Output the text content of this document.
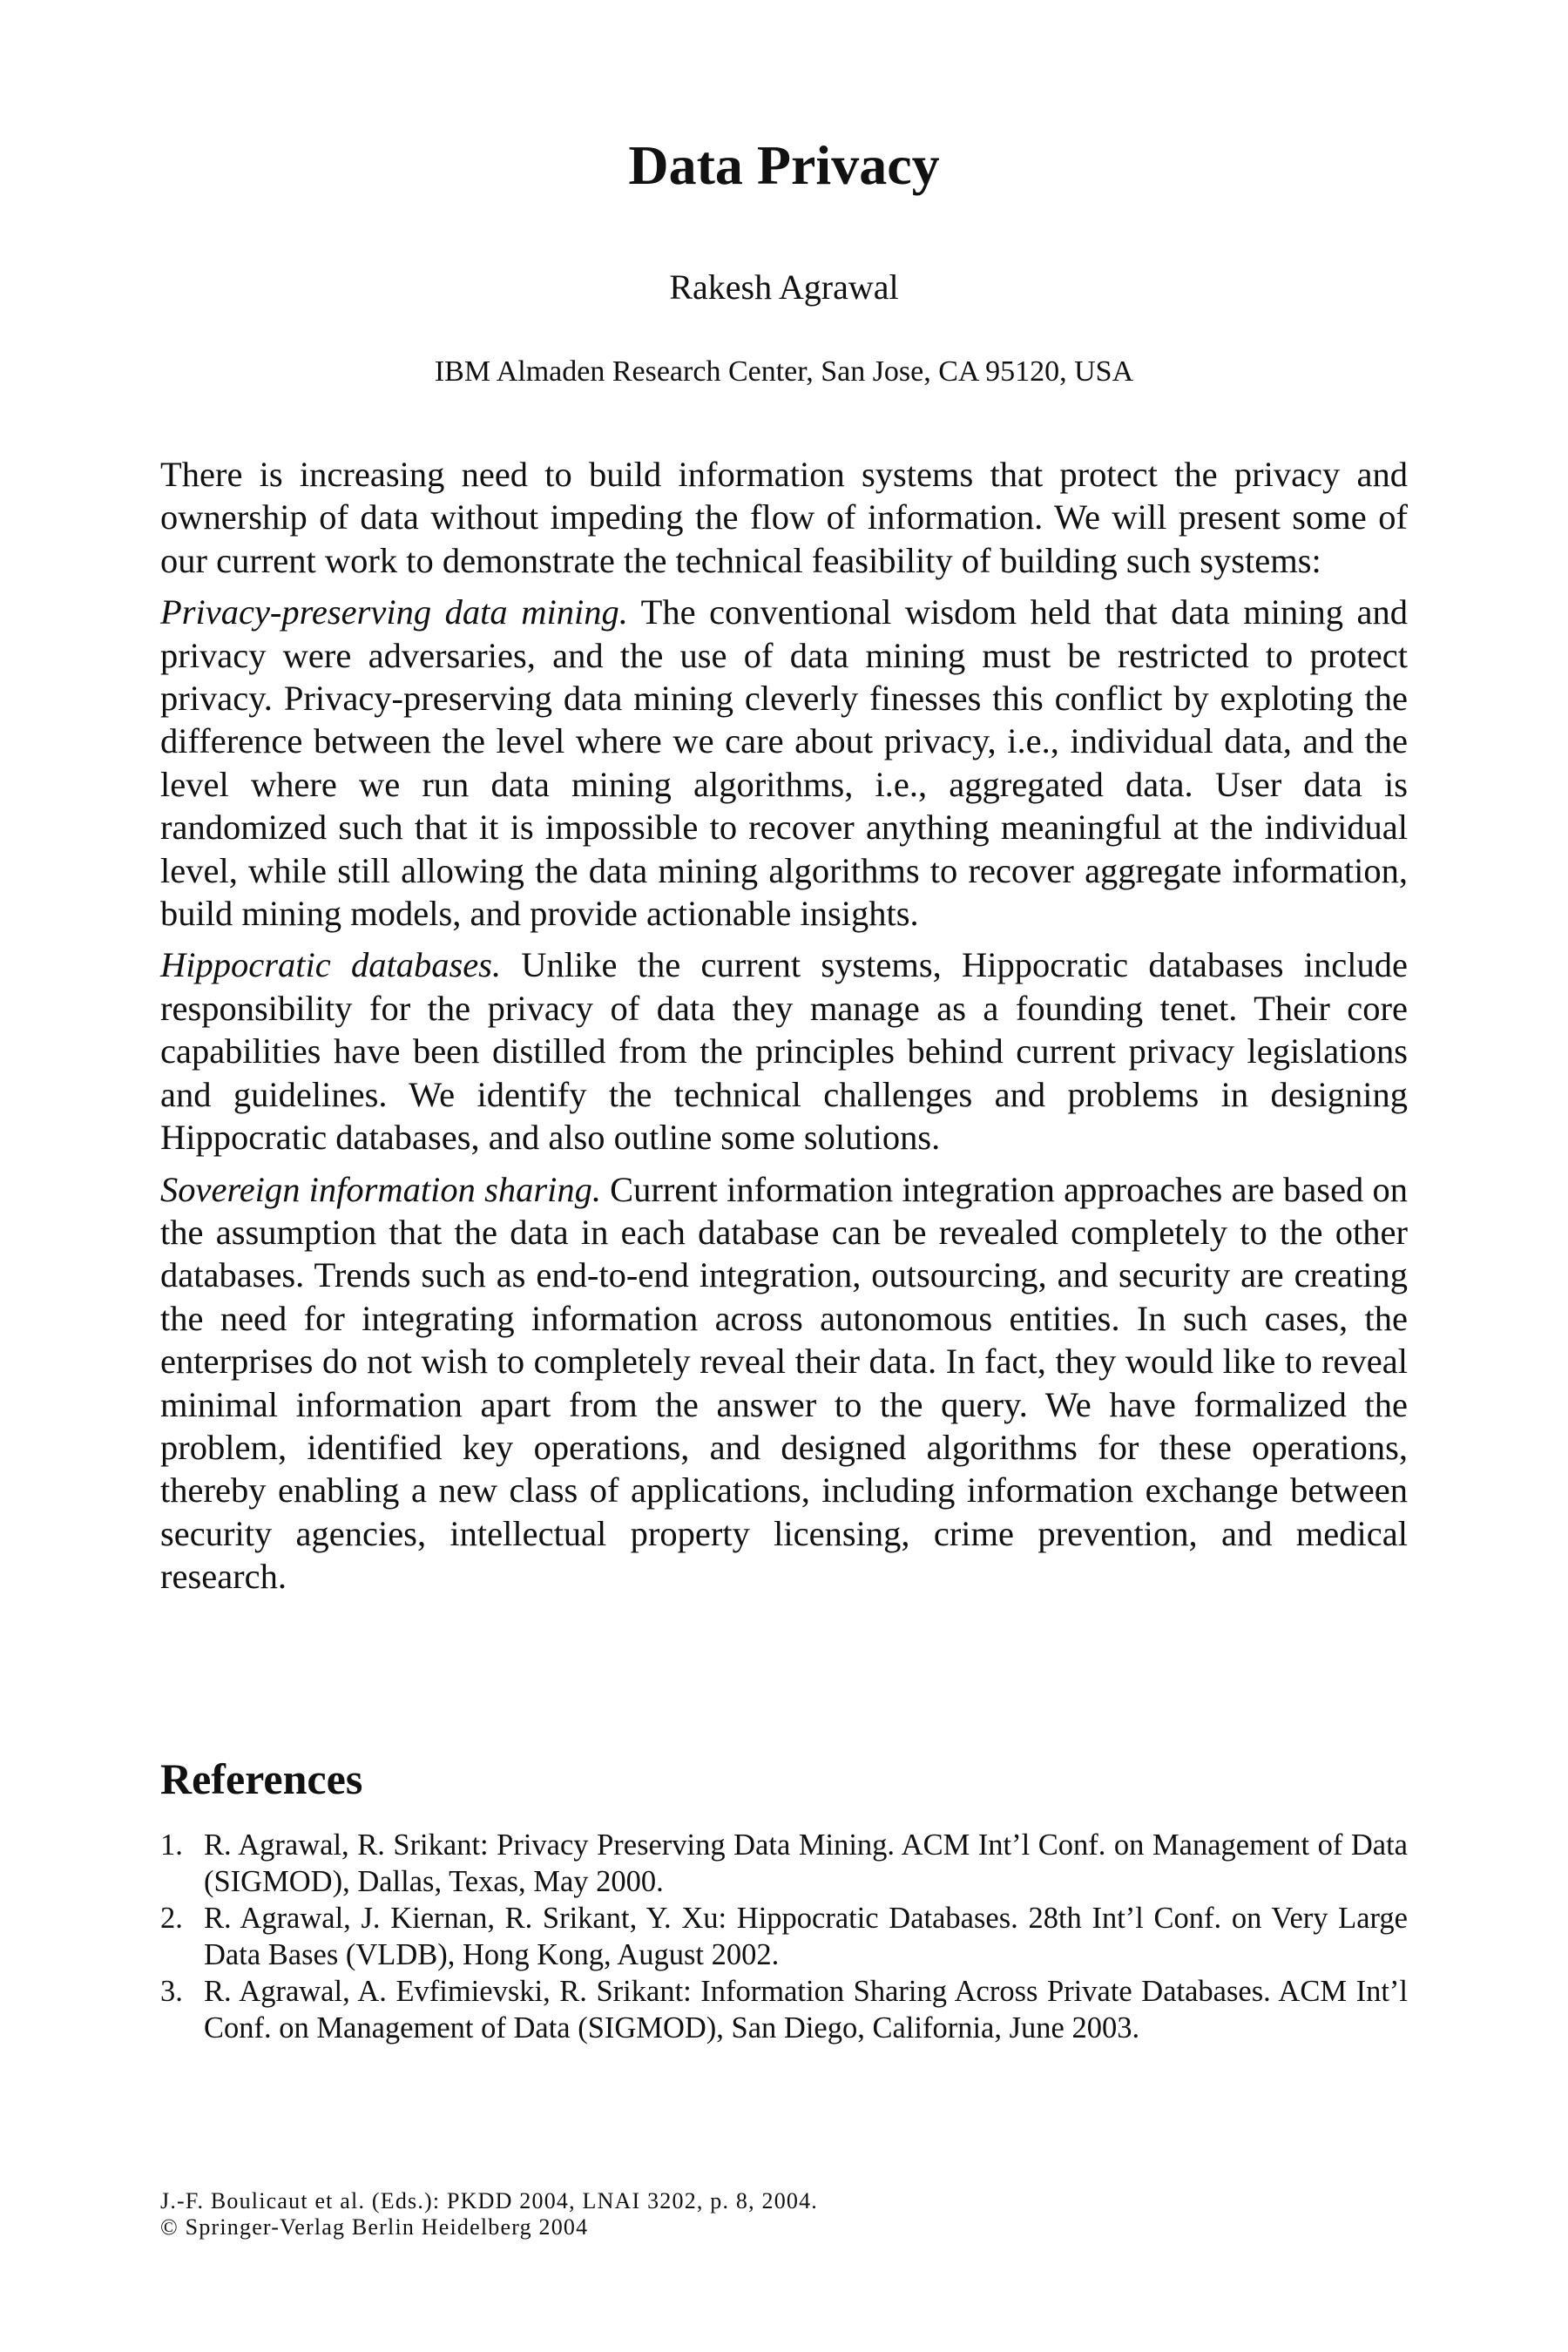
Data Privacy
Rakesh Agrawal
IBM Almaden Research Center, San Jose, CA 95120, USA

There is increasing need to build information systems that protect the privacy and ownership of data without impeding the flow of information. We will present some of our current work to demonstrate the technical feasibility of building such systems:

Privacy-preserving data mining. The conventional wisdom held that data mining and privacy were adversaries, and the use of data mining must be restricted to protect privacy. Privacy-preserving data mining cleverly finesses this conflict by exploting the difference between the level where we care about privacy, i.e., individual data, and the level where we run data mining algorithms, i.e., aggregated data. User data is randomized such that it is impossible to recover anything meaningful at the individual level, while still allowing the data mining algorithms to recover aggregate information, build mining models, and provide actionable insights.

Hippocratic databases. Unlike the current systems, Hippocratic databases include responsibility for the privacy of data they manage as a founding tenet. Their core capabilities have been distilled from the principles behind current privacy legislations and guidelines. We identify the technical challenges and problems in designing Hippocratic databases, and also outline some solutions.

Sovereign information sharing. Current information integration approaches are based on the assumption that the data in each database can be revealed completely to the other databases. Trends such as end-to-end integration, outsourcing, and security are creating the need for integrating information across autonomous entities. In such cases, the enterprises do not wish to completely reveal their data. In fact, they would like to reveal minimal information apart from the answer to the query. We have formalized the problem, identified key operations, and designed algorithms for these operations, thereby enabling a new class of applications, including information exchange between security agencies, intellectual property licensing, crime prevention, and medical research.

References
1. R. Agrawal, R. Srikant: Privacy Preserving Data Mining. ACM Int’l Conf. on Management of Data (SIGMOD), Dallas, Texas, May 2000.
2. R. Agrawal, J. Kiernan, R. Srikant, Y. Xu: Hippocratic Databases. 28th Int’l Conf. on Very Large Data Bases (VLDB), Hong Kong, August 2002.
3. R. Agrawal, A. Evfimievski, R. Srikant: Information Sharing Across Private Databases. ACM Int’l Conf. on Management of Data (SIGMOD), San Diego, California, June 2003.
J.-F. Boulicaut et al. (Eds.): PKDD 2004, LNAI 3202, p. 8, 2004.
© Springer-Verlag Berlin Heidelberg 2004
